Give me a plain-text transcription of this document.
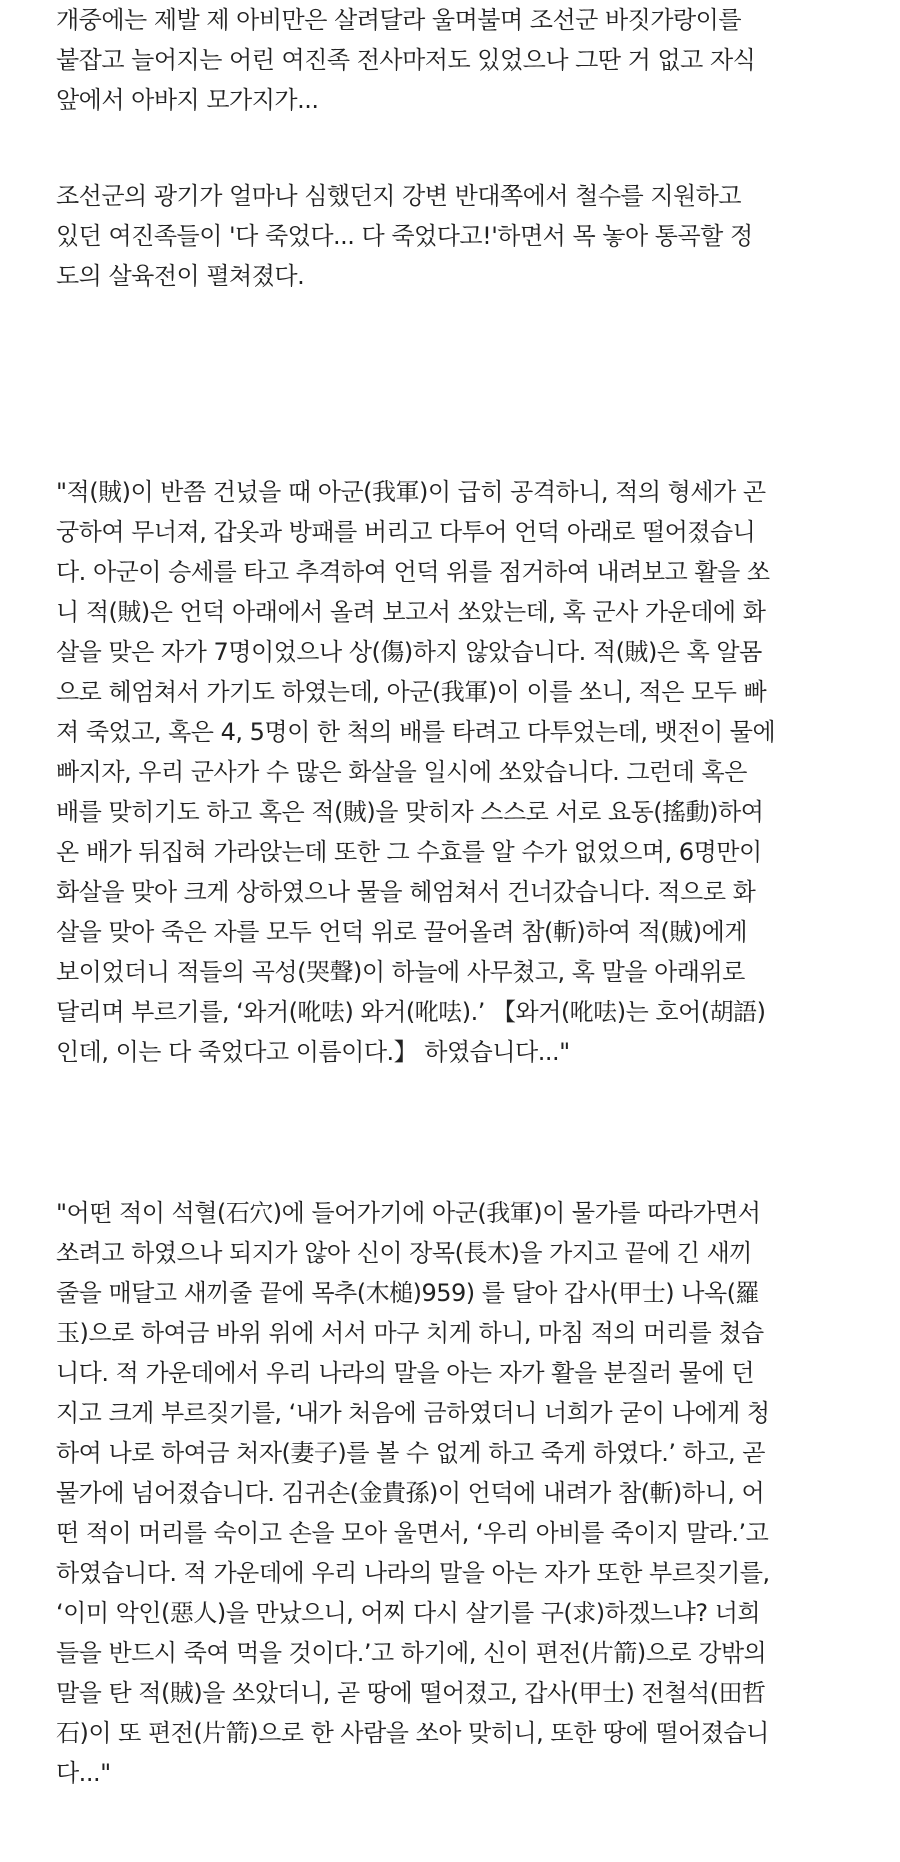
개중에는 제발 제 아비만은 살려달라 울며불며 조선군 바짓가랑이를
붙잡고 늘어지는 어린 여진족 전사마저도 있었으나 그딴 거 없고 자식
앞에서 아바지 모가지가...
조선군의 광기가 얼마나 심했던지 강변 반대쪽에서 철수를 지원하고
있던 여진족들이 '다 죽었다... 다 죽었다고!'하면서 목 놓아 통곡할 정
도의 살육전이 펼쳐졌다.
"적(賊)이 반쯤 건넜을 때 아군(我軍)이 급히 공격하니, 적의 형세가 곤
궁하여 무너져, 갑옷과 방패를 버리고 다투어 언덕 아래로 떨어졌습니
다. 아군이 승세를 타고 추격하여 언덕 위를 점거하여 내려보고 활을 쏘
니 적(賊)은 언덕 아래에서 올려 보고서 쏘았는데, 혹 군사 가운데에 화
살을 맞은 자가 7명이었으나 상(傷)하지 않았습니다. 적(賊)은 혹 알몸
으로 헤엄쳐서 가기도 하였는데, 아군(我軍)이 이를 쏘니, 적은 모두 빠
져 죽었고, 혹은 4, 5명이 한 척의 배를 타려고 다투었는데, 뱃전이 물에
빠지자, 우리 군사가 수 많은 화살을 일시에 쏘았습니다. 그런데 혹은
배를 맞히기도 하고 혹은 적(賊)을 맞히자 스스로 서로 요동(搖動)하여
온 배가 뒤집혀 가라앉는데 또한 그 수효를 알 수가 없었으며, 6명만이
화살을 맞아 크게 상하였으나 물을 헤엄쳐서 건너갔습니다. 적으로 화
살을 맞아 죽은 자를 모두 언덕 위로 끌어올려 참(斬)하여 적(賊)에게
보이었더니 적들의 곡성(哭聲)이 하늘에 사무쳤고, 혹 말을 아래위로
달리며 부르기를, ‘와거(吪呿) 와거(吪呿).’ 【와거(吪呿)는 호어(胡語)
인데, 이는 다 죽었다고 이름이다.】 하였습니다..."
"어떤 적이 석혈(石穴)에 들어가기에 아군(我軍)이 물가를 따라가면서
쏘려고 하였으나 되지가 않아 신이 장목(長木)을 가지고 끝에 긴 새끼
줄을 매달고 새끼줄 끝에 목추(木槌)959) 를 달아 갑사(甲士) 나옥(羅
玉)으로 하여금 바위 위에 서서 마구 치게 하니, 마침 적의 머리를 쳤습
니다. 적 가운데에서 우리 나라의 말을 아는 자가 활을 분질러 물에 던
지고 크게 부르짖기를, ‘내가 처음에 금하였더니 너희가 굳이 나에게 청
하여 나로 하여금 처자(妻子)를 볼 수 없게 하고 죽게 하였다.’ 하고, 곧
물가에 넘어졌습니다. 김귀손(金貴孫)이 언덕에 내려가 참(斬)하니, 어
떤 적이 머리를 숙이고 손을 모아 울면서, ‘우리 아비를 죽이지 말라.’고
하였습니다. 적 가운데에 우리 나라의 말을 아는 자가 또한 부르짖기를,
‘이미 악인(惡人)을 만났으니, 어찌 다시 살기를 구(求)하겠느냐? 너희
들을 반드시 죽여 먹을 것이다.’고 하기에, 신이 편전(片箭)으로 강밖의
말을 탄 적(賊)을 쏘았더니, 곧 땅에 떨어졌고, 갑사(甲士) 전철석(田哲
石)이 또 편전(片箭)으로 한 사람을 쏘아 맞히니, 또한 땅에 떨어졌습니
다..."
